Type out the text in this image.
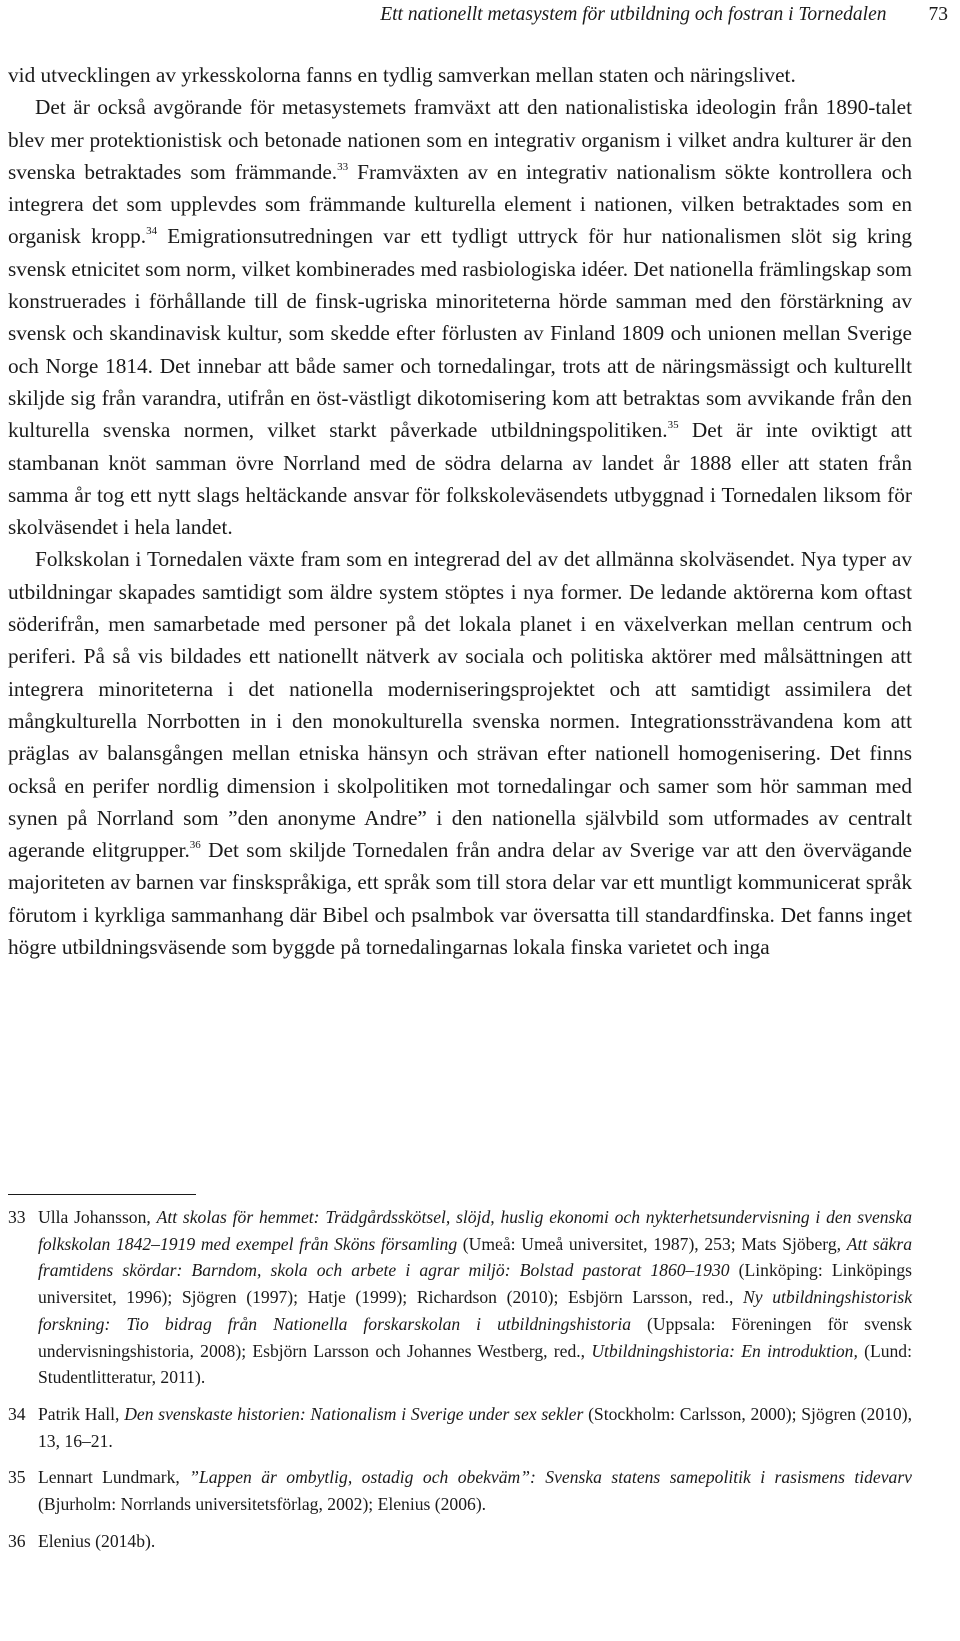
Ett nationellt metasystem för utbildning och fostran i Tornedalen 73

vid utvecklingen av yrkesskolorna fanns en tydlig samverkan mellan staten och näringslivet.

Det är också avgörande för metasystemets framväxt att den nationalistiska ideologin från 1890-talet blev mer protektionistisk och betonade nationen som en integrativ organism i vilket andra kulturer är den svenska betraktades som främmande.$^{33}$ Framväxten av en integrativ nationalism sökte kontrollera och integrera det som upplevdes som främmande kulturella element i nationen, vilken betraktades som en organisk kropp.$^{34}$ Emigrationsutredningen var ett tydligt uttryck för hur nationalismen slöt sig kring svensk etnicitet som norm, vilket kombinerades med rasbiologiska idéer. Det nationella främlingskap som konstruerades i förhållande till de finsk-ugriska minoriteterna hörde samman med den förstärkning av svensk och skandinavisk kultur, som skedde efter förlusten av Finland 1809 och unionen mellan Sverige och Norge 1814. Det innebar att både samer och tornedalingar, trots att de näringsmässigt och kulturellt skiljde sig från varandra, utifrån en öst-västligt dikotomisering kom att betraktas som avvikande från den kulturella svenska normen, vilket starkt påverkade utbildningspolitiken.$^{35}$ Det är inte oviktigt att stambanan knöt samman övre Norrland med de södra delarna av landet år 1888 eller att staten från samma år tog ett nytt slags heltäckande ansvar för folkskoleväsendets utbyggnad i Tornedalen liksom för skolväsendet i hela landet.

Folkskolan i Tornedalen växte fram som en integrerad del av det allmänna skolväsendet. Nya typer av utbildningar skapades samtidigt som äldre system stöptes i nya former. De ledande aktörerna kom oftast söderifrån, men samarbetade med personer på det lokala planet i en växelverkan mellan centrum och periferi. På så vis bildades ett nationellt nätverk av sociala och politiska aktörer med målsättningen att integrera minoriteterna i det nationella moderniseringsprojektet och att samtidigt assimilera det mångkulturella Norrbotten in i den monokulturella svenska normen. Integrationssträvandena kom att präglas av balansgången mellan etniska hänsyn och strävan efter nationell homogenisering. Det finns också en perifer nordlig dimension i skolpolitiken mot tornedalingar och samer som hör samman med synen på Norrland som ”den anonyme Andre” i den nationella självbild som utformades av centralt agerande elitgrupper.$^{36}$ Det som skiljde Tornedalen från andra delar av Sverige var att den övervägande majoriteten av barnen var finskspråkiga, ett språk som till stora delar var ett muntligt kommunicerat språk förutom i kyrkliga sammanhang där Bibel och psalmbok var översatta till standardfinska. Det fanns inget högre utbildningsväsende som byggde på tornedalingarnas lokala finska varietet och inga

33 Ulla Johansson, Att skolas för hemmet: Trädgårdsskötsel, slöjd, huslig ekonomi och nykterhetsundervisning i den svenska folkskolan 1842–1919 med exempel från Sköns församling (Umeå: Umeå universitet, 1987), 253; Mats Sjöberg, Att säkra framtidens skördar: Barndom, skola och arbete i agrar miljö: Bolstad pastorat 1860–1930 (Linköping: Linköpings universitet, 1996); Sjögren (1997); Hatje (1999); Richardson (2010); Esbjörn Larsson, red., Ny utbildningshistorisk forskning: Tio bidrag från Nationella forskarskolan i utbildningshistoria (Uppsala: Föreningen för svensk undervisningshistoria, 2008); Esbjörn Larsson och Johannes Westberg, red., Utbildningshistoria: En introduktion, (Lund: Studentlitteratur, 2011).
34 Patrik Hall, Den svenskaste historien: Nationalism i Sverige under sex sekler (Stockholm: Carlsson, 2000); Sjögren (2010), 13, 16–21.
35 Lennart Lundmark, ”Lappen är ombytlig, ostadig och obekväm”: Svenska statens samepolitik i rasismens tidevarv (Bjurholm: Norrlands universitetsförlag, 2002); Elenius (2006).
36 Elenius (2014b).
